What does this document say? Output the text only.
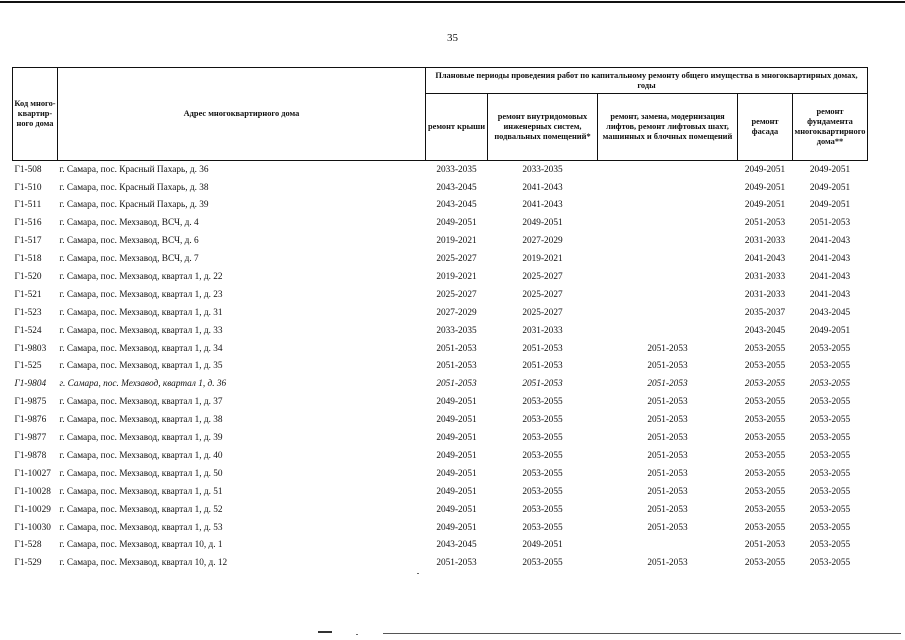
35
Код много-квартир-ного дома	Адрес многоквартирного дома	Плановые периоды проведения работ по капитальному ремонту общего имущества в многоквартирных домах, годы				
		ремонт крыши	ремонт внутридомовых инженерных систем, подвальных помещений*	ремонт, замена, модернизация лифтов, ремонт лифтовых шахт, машинных и блочных помещений	ремонт фасада	ремонт фундамента многоквартирного дома**
Г1-508	г. Самара, пос. Красный Пахарь, д. 36	2033-2035	2033-2035		2049-2051	2049-2051
Г1-510	г. Самара, пос. Красный Пахарь, д. 38	2043-2045	2041-2043		2049-2051	2049-2051
Г1-511	г. Самара, пос. Красный Пахарь, д. 39	2043-2045	2041-2043		2049-2051	2049-2051
Г1-516	г. Самара, пос. Мехзавод, ВСЧ, д. 4	2049-2051	2049-2051		2051-2053	2051-2053
Г1-517	г. Самара, пос. Мехзавод, ВСЧ, д. 6	2019-2021	2027-2029		2031-2033	2041-2043
Г1-518	г. Самара, пос. Мехзавод, ВСЧ, д. 7	2025-2027	2019-2021		2041-2043	2041-2043
Г1-520	г. Самара, пос. Мехзавод, квартал 1, д. 22	2019-2021	2025-2027		2031-2033	2041-2043
Г1-521	г. Самара, пос. Мехзавод, квартал 1, д. 23	2025-2027	2025-2027		2031-2033	2041-2043
Г1-523	г. Самара, пос. Мехзавод, квартал 1, д. 31	2027-2029	2025-2027		2035-2037	2043-2045
Г1-524	г. Самара, пос. Мехзавод, квартал 1, д. 33	2033-2035	2031-2033		2043-2045	2049-2051
Г1-9803	г. Самара, пос. Мехзавод, квартал 1, д. 34	2051-2053	2051-2053	2051-2053	2053-2055	2053-2055
Г1-525	г. Самара, пос. Мехзавод, квартал 1, д. 35	2051-2053	2051-2053	2051-2053	2053-2055	2053-2055
Г1-9804	г. Самара, пос. Мехзавод, квартал 1, д. 36	2051-2053	2051-2053	2051-2053	2053-2055	2053-2055
Г1-9875	г. Самара, пос. Мехзавод, квартал 1, д. 37	2049-2051	2053-2055	2051-2053	2053-2055	2053-2055
Г1-9876	г. Самара, пос. Мехзавод, квартал 1, д. 38	2049-2051	2053-2055	2051-2053	2053-2055	2053-2055
Г1-9877	г. Самара, пос. Мехзавод, квартал 1, д. 39	2049-2051	2053-2055	2051-2053	2053-2055	2053-2055
Г1-9878	г. Самара, пос. Мехзавод, квартал 1, д. 40	2049-2051	2053-2055	2051-2053	2053-2055	2053-2055
Г1-10027	г. Самара, пос. Мехзавод, квартал 1, д. 50	2049-2051	2053-2055	2051-2053	2053-2055	2053-2055
Г1-10028	г. Самара, пос. Мехзавод, квартал 1, д. 51	2049-2051	2053-2055	2051-2053	2053-2055	2053-2055
Г1-10029	г. Самара, пос. Мехзавод, квартал 1, д. 52	2049-2051	2053-2055	2051-2053	2053-2055	2053-2055
Г1-10030	г. Самара, пос. Мехзавод, квартал 1, д. 53	2049-2051	2053-2055	2051-2053	2053-2055	2053-2055
Г1-528	г. Самара, пос. Мехзавод, квартал 10, д. 1	2043-2045	2049-2051		2051-2053	2053-2055
Г1-529	г. Самара, пос. Мехзавод, квартал 10, д. 12	2051-2053	2053-2055	2051-2053	2053-2055	2053-2055
